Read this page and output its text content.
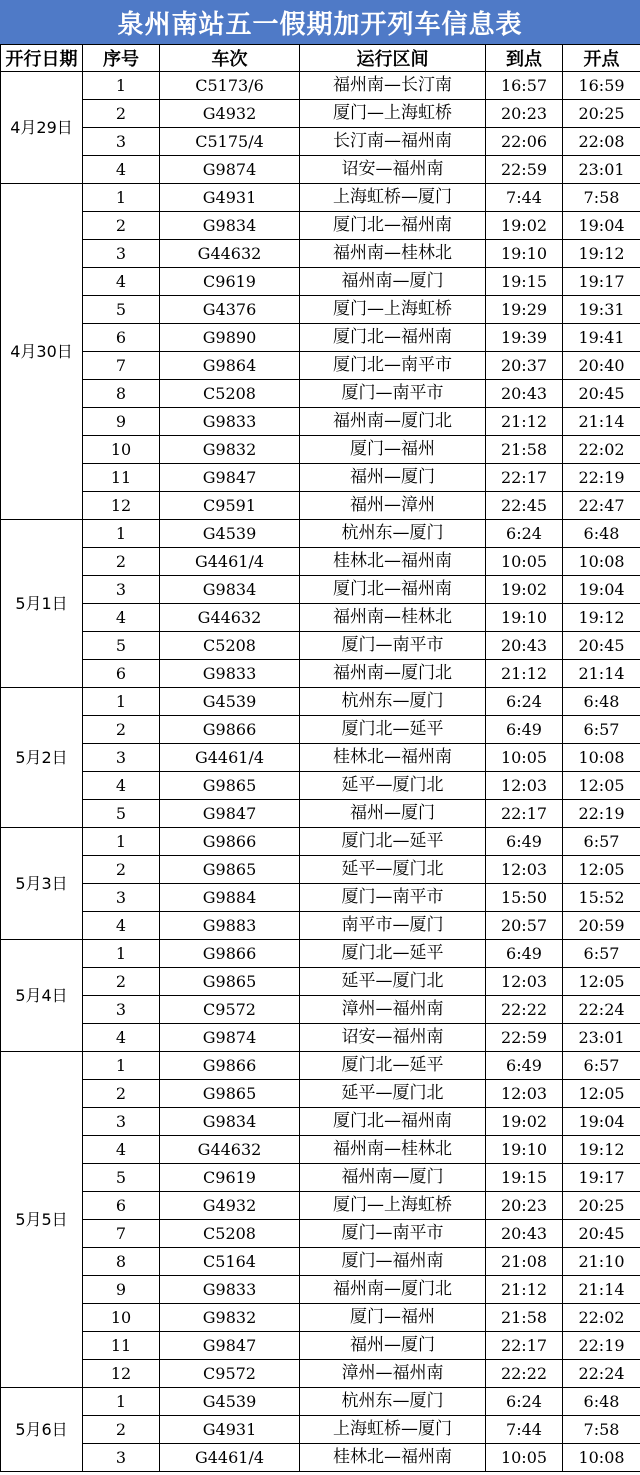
泉州南站五一假期加开列车信息表
开行日期	序号	车次	运行区间	到点	开点
4月29日	1	C5173/6	福州南—长汀南	16:57	16:59
	2	G4932	厦门—上海虹桥	20:23	20:25
	3	C5175/4	长汀南—福州南	22:06	22:08
	4	G9874	诏安—福州南	22:59	23:01
4月30日	1	G4931	上海虹桥—厦门	7:44	7:58
	2	G9834	厦门北—福州南	19:02	19:04
	3	G44632	福州南—桂林北	19:10	19:12
	4	C9619	福州南—厦门	19:15	19:17
	5	G4376	厦门—上海虹桥	19:29	19:31
	6	G9890	厦门北—福州南	19:39	19:41
	7	G9864	厦门北—南平市	20:37	20:40
	8	C5208	厦门—南平市	20:43	20:45
	9	G9833	福州南—厦门北	21:12	21:14
	10	G9832	厦门—福州	21:58	22:02
	11	G9847	福州—厦门	22:17	22:19
	12	C9591	福州—漳州	22:45	22:47
5月1日	1	G4539	杭州东—厦门	6:24	6:48
	2	G4461/4	桂林北—福州南	10:05	10:08
	3	G9834	厦门北—福州南	19:02	19:04
	4	G44632	福州南—桂林北	19:10	19:12
	5	C5208	厦门—南平市	20:43	20:45
	6	G9833	福州南—厦门北	21:12	21:14
5月2日	1	G4539	杭州东—厦门	6:24	6:48
	2	G9866	厦门北—延平	6:49	6:57
	3	G4461/4	桂林北—福州南	10:05	10:08
	4	G9865	延平—厦门北	12:03	12:05
	5	G9847	福州—厦门	22:17	22:19
5月3日	1	G9866	厦门北—延平	6:49	6:57
	2	G9865	延平—厦门北	12:03	12:05
	3	G9884	厦门—南平市	15:50	15:52
	4	G9883	南平市—厦门	20:57	20:59
5月4日	1	G9866	厦门北—延平	6:49	6:57
	2	G9865	延平—厦门北	12:03	12:05
	3	C9572	漳州—福州南	22:22	22:24
	4	G9874	诏安—福州南	22:59	23:01
5月5日	1	G9866	厦门北—延平	6:49	6:57
	2	G9865	延平—厦门北	12:03	12:05
	3	G9834	厦门北—福州南	19:02	19:04
	4	G44632	福州南—桂林北	19:10	19:12
	5	C9619	福州南—厦门	19:15	19:17
	6	G4932	厦门—上海虹桥	20:23	20:25
	7	C5208	厦门—南平市	20:43	20:45
	8	C5164	厦门—福州南	21:08	21:10
	9	G9833	福州南—厦门北	21:12	21:14
	10	G9832	厦门—福州	21:58	22:02
	11	G9847	福州—厦门	22:17	22:19
	12	C9572	漳州—福州南	22:22	22:24
5月6日	1	G4539	杭州东—厦门	6:24	6:48
	2	G4931	上海虹桥—厦门	7:44	7:58
	3	G4461/4	桂林北—福州南	10:05	10:08
